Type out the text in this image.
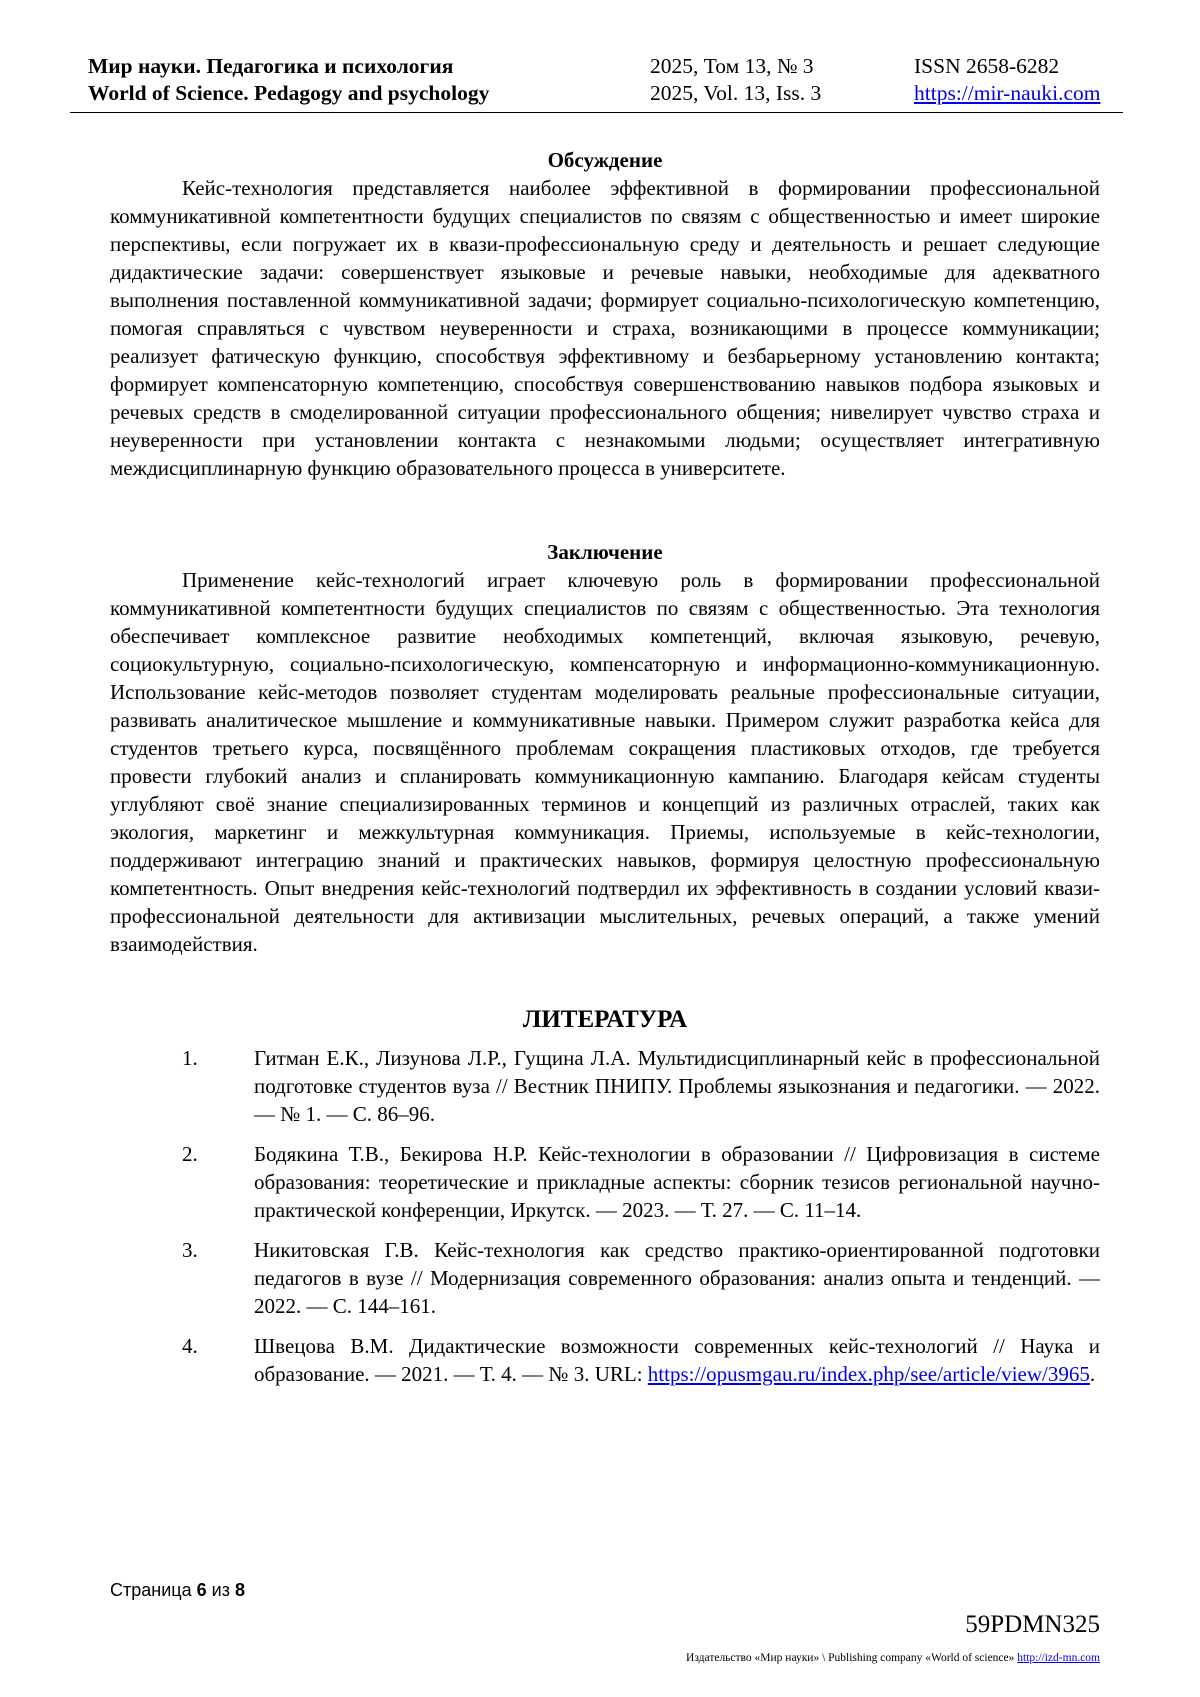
Мир науки. Педагогика и психология
World of Science. Pedagogy and psychology
2025, Том 13, № 3
2025, Vol. 13, Iss. 3
ISSN 2658-6282
https://mir-nauki.com
Обсуждение

Кейс-технология представляется наиболее эффективной в формировании профессиональной коммуникативной компетентности будущих специалистов по связям с общественностью и имеет широкие перспективы, если погружает их в квази-профессиональную среду и деятельность и решает следующие дидактические задачи: совершенствует языковые и речевые навыки, необходимые для адекватного выполнения поставленной коммуникативной задачи; формирует социально-психологическую компетенцию, помогая справляться с чувством неуверенности и страха, возникающими в процессе коммуникации; реализует фатическую функцию, способствуя эффективному и безбарьерному установлению контакта; формирует компенсаторную компетенцию, способствуя совершенствованию навыков подбора языковых и речевых средств в смоделированной ситуации профессионального общения; нивелирует чувство страха и неуверенности при установлении контакта с незнакомыми людьми; осуществляет интегративную междисциплинарную функцию образовательного процесса в университете.

Заключение

Применение кейс-технологий играет ключевую роль в формировании профессиональной коммуникативной компетентности будущих специалистов по связям с общественностью. Эта технология обеспечивает комплексное развитие необходимых компетенций, включая языковую, речевую, социокультурную, социально-психологическую, компенсаторную и информационно-коммуникационную. Использование кейс-методов позволяет студентам моделировать реальные профессиональные ситуации, развивать аналитическое мышление и коммуникативные навыки. Примером служит разработка кейса для студентов третьего курса, посвящённого проблемам сокращения пластиковых отходов, где требуется провести глубокий анализ и спланировать коммуникационную кампанию. Благодаря кейсам студенты углубляют своё знание специализированных терминов и концепций из различных отраслей, таких как экология, маркетинг и межкультурная коммуникация. Приемы, используемые в кейс-технологии, поддерживают интеграцию знаний и практических навыков, формируя целостную профессиональную компетентность. Опыт внедрения кейс-технологий подтвердил их эффективность в создании условий квази-профессиональной деятельности для активизации мыслительных, речевых операций, а также умений взаимодействия.

ЛИТЕРАТУРА
1.	Гитман Е.К., Лизунова Л.Р., Гущина Л.А. Мультидисциплинарный кейс в профессиональной подготовке студентов вуза // Вестник ПНИПУ. Проблемы языкознания и педагогики. — 2022. — № 1. — С. 86–96.
2.	Бодякина Т.В., Бекирова Н.Р. Кейс-технологии в образовании // Цифровизация в системе образования: теоретические и прикладные аспекты: сборник тезисов региональной научно-практической конференции, Иркутск. — 2023. — Т. 27. — С. 11–14.
3.	Никитовская Г.В. Кейс-технология как средство практико-ориентированной подготовки педагогов в вузе // Модернизация современного образования: анализ опыта и тенденций. — 2022. — С. 144–161.
4.	Швецова В.М. Дидактические возможности современных кейс-технологий // Наука и образование. — 2021. — Т. 4. — № 3. URL: https://opusmgau.ru/index.php/see/article/view/3965.
Страница 6 из 8
59PDMN325
Издательство «Мир науки» \ Publishing company «World of science» http://izd-mn.com
